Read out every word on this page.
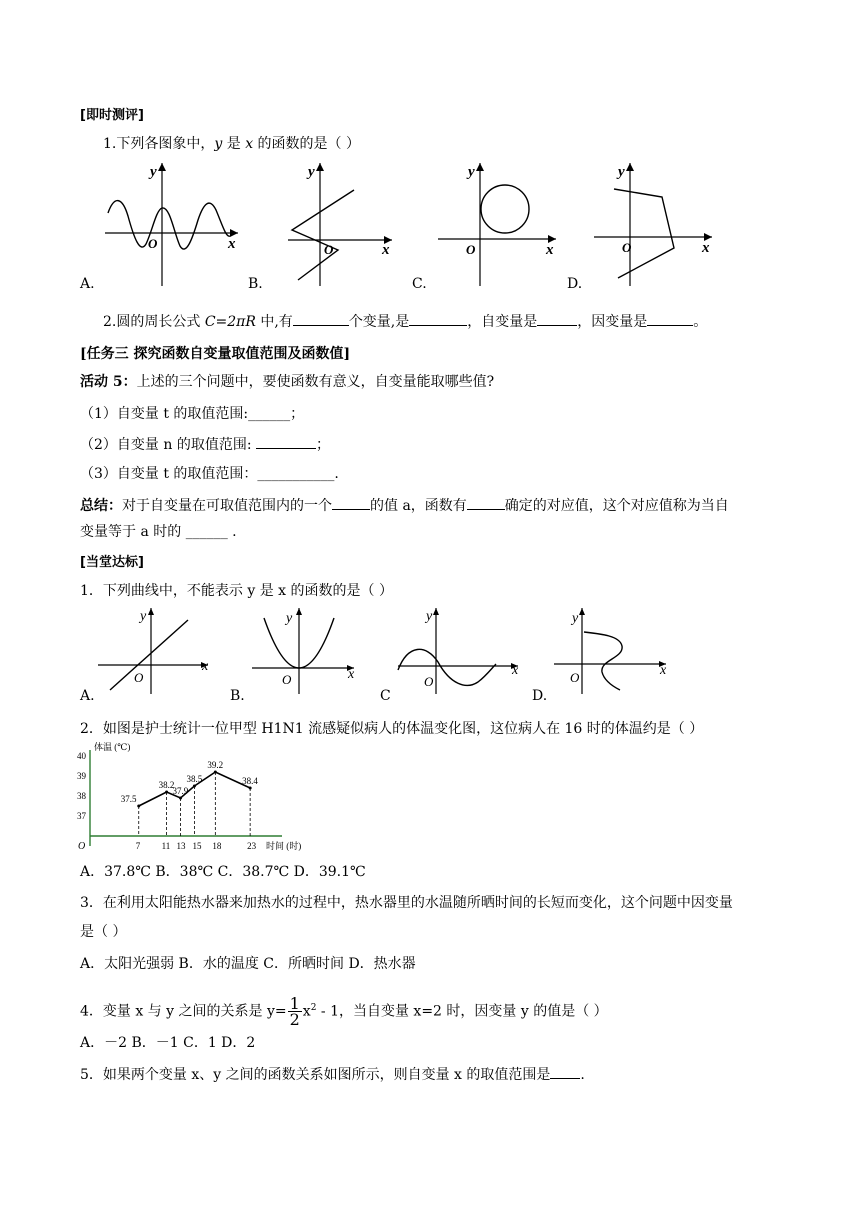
[即时测评]
1.下列各图象中，y 是 x 的函数的是（ ）
y
x
O
A.
y
x
O
B.
y
x
O
C.
y
x
O
D.
2.圆的周长公式 C=2πR 中,有	个变量,是	，自变量是	，因变量是	。
[任务三 探究函数自变量取值范围及函数值]
活动 5：上述的三个问题中，要使函数有意义，自变量能取哪些值?
（1）自变量 t 的取值范围:______；
（2）自变量 n 的取值范围:	；
（3）自变量 t 的取值范围：___________.
总结：对于自变量在可取值范围内的一个	的值 a，函数有	确定的对应值，这个对应值称为当自
变量等于 a 时的 ______ .
[当堂达标]
1．下列曲线中，不能表示 y 是 x 的函数的是（ ）
y
x
O
A.
y
x
O
B.
y
x
O
C
y
x
O
D.
2．如图是护士统计一位甲型 H1N1 流感疑似病人的体温变化图，这位病人在 16 时的体温约是（ ）
体温 (℃)
时间 (时)
O
37
38
39
40
7 11 13 15 18	23
37.5
38.2
37.9
38.5
39.2
38.4
A．37.8℃ B．38℃ C．38.7℃ D．39.1℃
3．在利用太阳能热水器来加热水的过程中，热水器里的水温随所晒时间的长短而变化，这个问题中因变量
是（ ）
A．太阳光强弱 B．水的温度 C．所晒时间 D．热水器
4．变量 x 与 y 之间的关系是 $y= \frac{1}{2} x^2 - 1$，当自变量 x=2 时，因变量 y 的值是（ ）
A．－2 B．－1 C．1 D．2
5．如果两个变量 x、y 之间的函数关系如图所示，则自变量 x 的取值范围是 .
